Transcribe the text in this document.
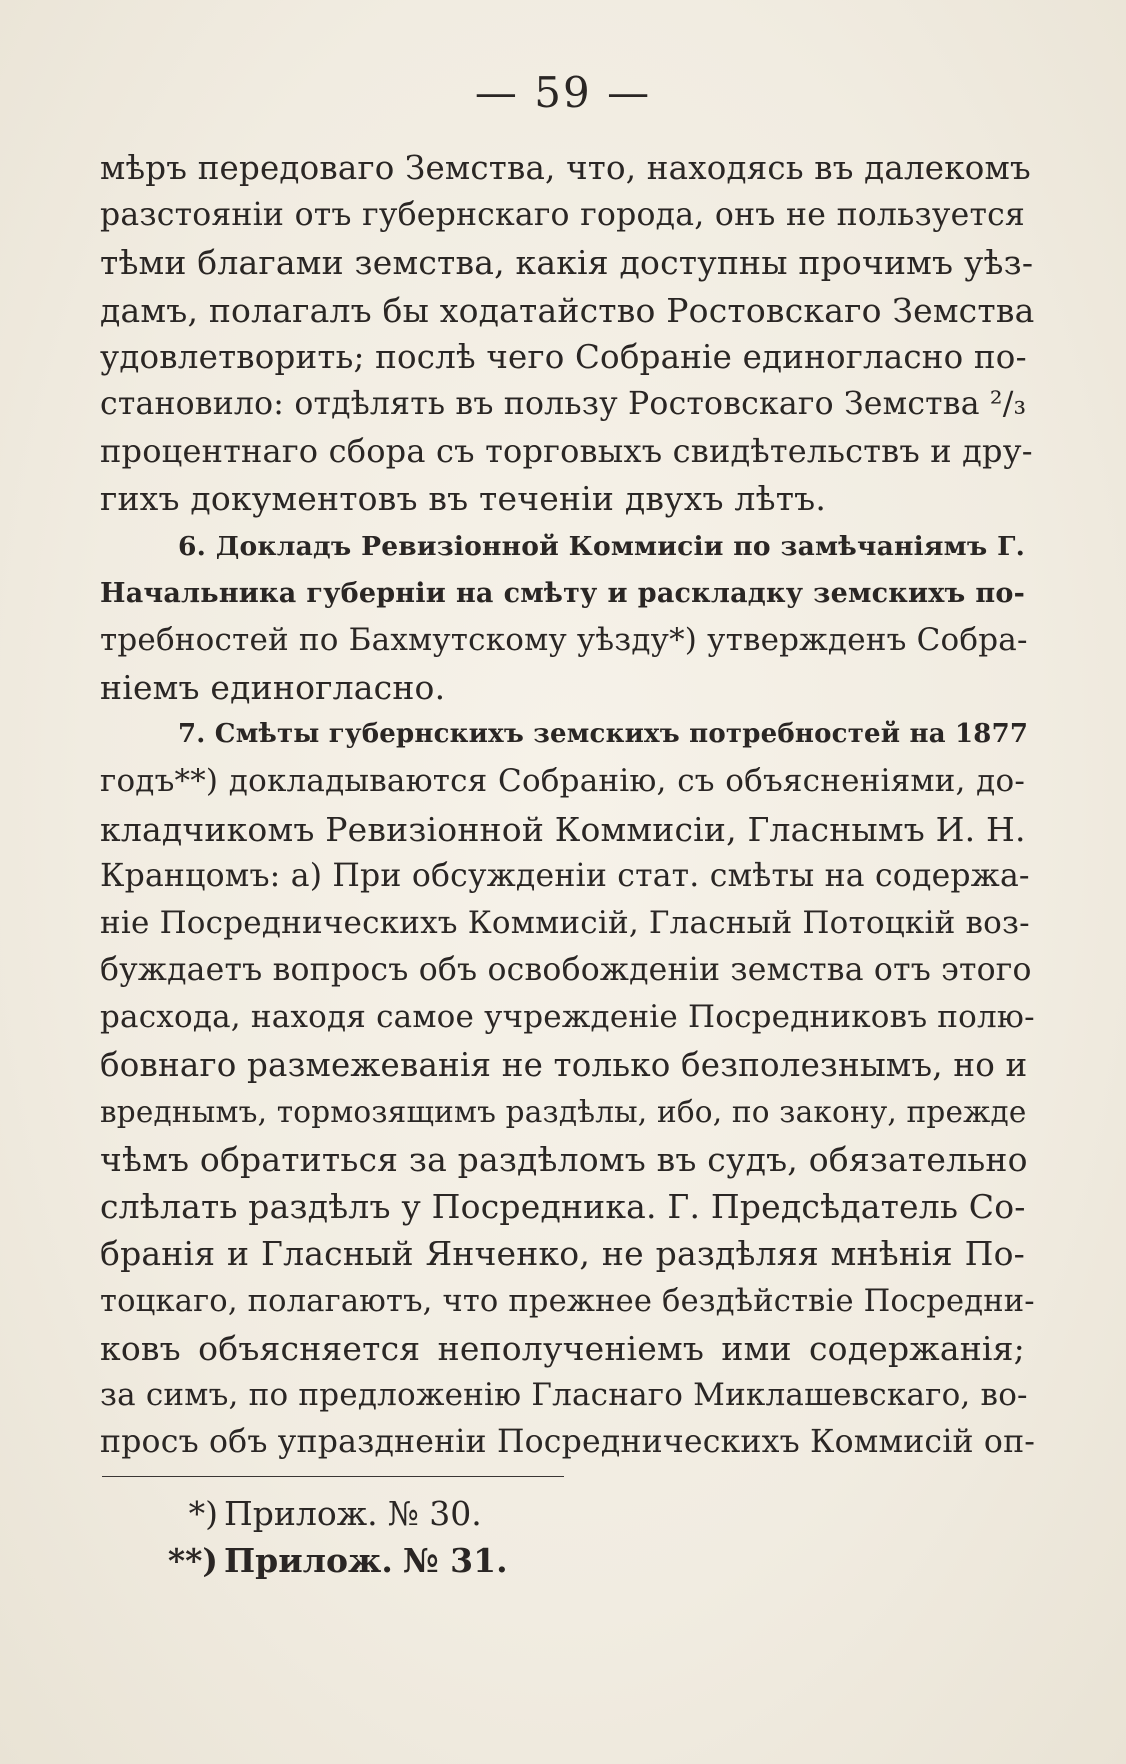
— 59 —
мѣръ передоваго Земства, что, находясь въ далекомъ
разстояніи отъ губернскаго города, онъ не пользуется
тѣми благами земства, какія доступны прочимъ уѣз-
дамъ, полагалъ бы ходатайство Ростовскаго Земства
удовлетворить; послѣ чего Собраніе единогласно по-
становило: отдѣлять въ пользу Ростовскаго Земства ²/₃
процентнаго сбора съ торговыхъ свидѣтельствъ и дру-
гихъ документовъ въ теченіи двухъ лѣтъ.
6. Докладъ Ревизіонной Коммисіи по замѣчаніямъ Г.
Начальника губерніи на смѣту и раскладку земскихъ по-
требностей по Бахмутскому уѣзду*) утвержденъ Собра-
ніемъ единогласно.
7. Смѣты губернскихъ земскихъ потребностей на 1877
годъ**) докладываются Собранію, съ объясненіями, до-
кладчикомъ Ревизіонной Коммисіи, Гласнымъ И. Н.
Кранцомъ: а) При обсужденіи стат. смѣты на содержа-
ніе Посредническихъ Коммисій, Гласный Потоцкій воз-
буждаетъ вопросъ объ освобожденіи земства отъ этого
расхода, находя самое учрежденіе Посредниковъ полю-
бовнаго размежеванія не только безполезнымъ, но и
вреднымъ, тормозящимъ раздѣлы, ибо, по закону, прежде
чѣмъ обратиться за раздѣломъ въ судъ, обязательно
слѣлать раздѣлъ у Посредника. Г. Предсѣдатель Со-
бранія и Гласный Янченко, не раздѣляя мнѣнія По-
тоцкаго, полагаютъ, что прежнее бездѣйствіе Посредни-
ковъ объясняется неполученіемъ ими содержанія;
за симъ, по предложенію Гласнаго Миклашевскаго, во-
просъ объ упраздненіи Посредническихъ Коммисій оп-
*) Прилож. № 30.
**) Прилож. № 31.
